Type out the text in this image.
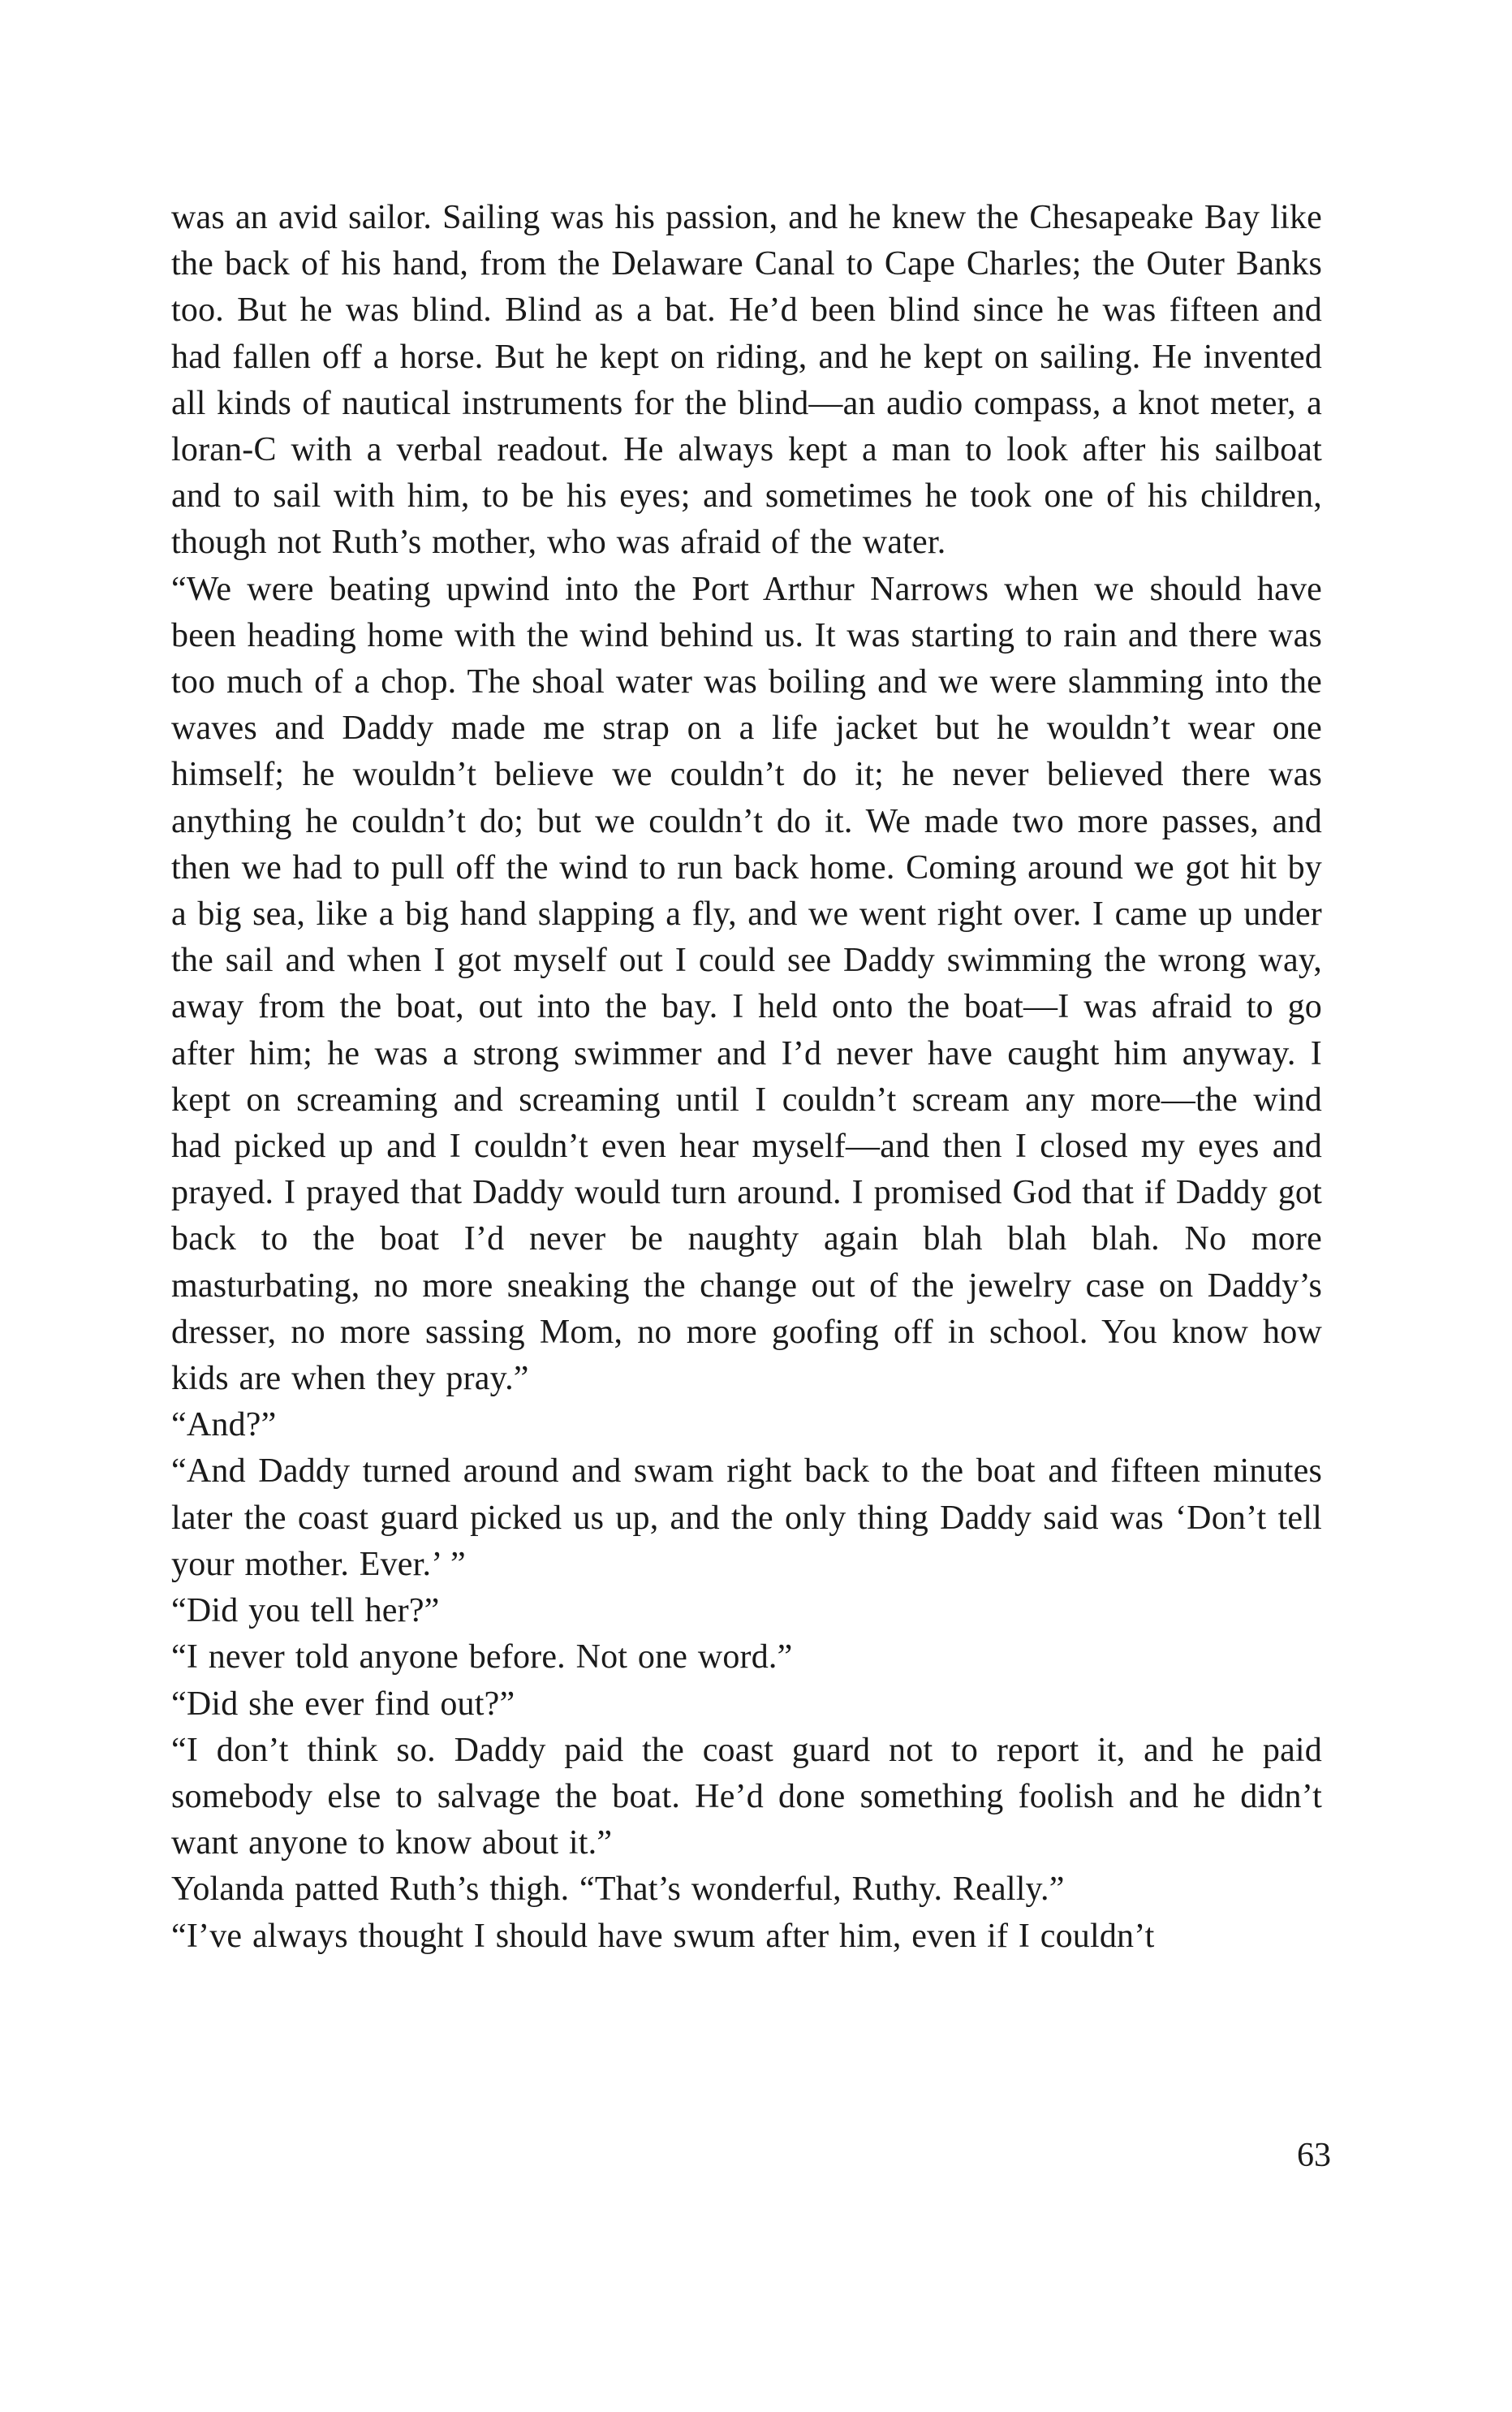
was an avid sailor. Sailing was his passion, and he knew the Chesapeake Bay like the back of his hand, from the Delaware Canal to Cape Charles; the Outer Banks too. But he was blind. Blind as a bat. He’d been blind since he was fifteen and had fallen off a horse. But he kept on riding, and he kept on sailing. He invented all kinds of nautical instruments for the blind—an audio compass, a knot meter, a loran-C with a verbal readout. He always kept a man to look after his sailboat and to sail with him, to be his eyes; and sometimes he took one of his children, though not Ruth’s mother, who was afraid of the water.

“We were beating upwind into the Port Arthur Narrows when we should have been heading home with the wind behind us. It was starting to rain and there was too much of a chop. The shoal water was boiling and we were slamming into the waves and Daddy made me strap on a life jacket but he wouldn’t wear one himself; he wouldn’t believe we couldn’t do it; he never believed there was anything he couldn’t do; but we couldn’t do it. We made two more passes, and then we had to pull off the wind to run back home. Coming around we got hit by a big sea, like a big hand slapping a fly, and we went right over. I came up under the sail and when I got myself out I could see Daddy swimming the wrong way, away from the boat, out into the bay. I held onto the boat—I was afraid to go after him; he was a strong swimmer and I’d never have caught him anyway. I kept on screaming and screaming until I couldn’t scream any more—the wind had picked up and I couldn’t even hear myself—and then I closed my eyes and prayed. I prayed that Daddy would turn around. I promised God that if Daddy got back to the boat I’d never be naughty again blah blah blah. No more masturbating, no more sneaking the change out of the jewelry case on Daddy’s dresser, no more sassing Mom, no more goofing off in school. You know how kids are when they pray.”

“And?”

“And Daddy turned around and swam right back to the boat and fifteen minutes later the coast guard picked us up, and the only thing Daddy said was ‘Don’t tell your mother. Ever.’ ”

“Did you tell her?”

“I never told anyone before. Not one word.”

“Did she ever find out?”

“I don’t think so. Daddy paid the coast guard not to report it, and he paid somebody else to salvage the boat. He’d done something foolish and he didn’t want anyone to know about it.”

Yolanda patted Ruth’s thigh. “That’s wonderful, Ruthy. Really.”

“I’ve always thought I should have swum after him, even if I couldn’t

63
